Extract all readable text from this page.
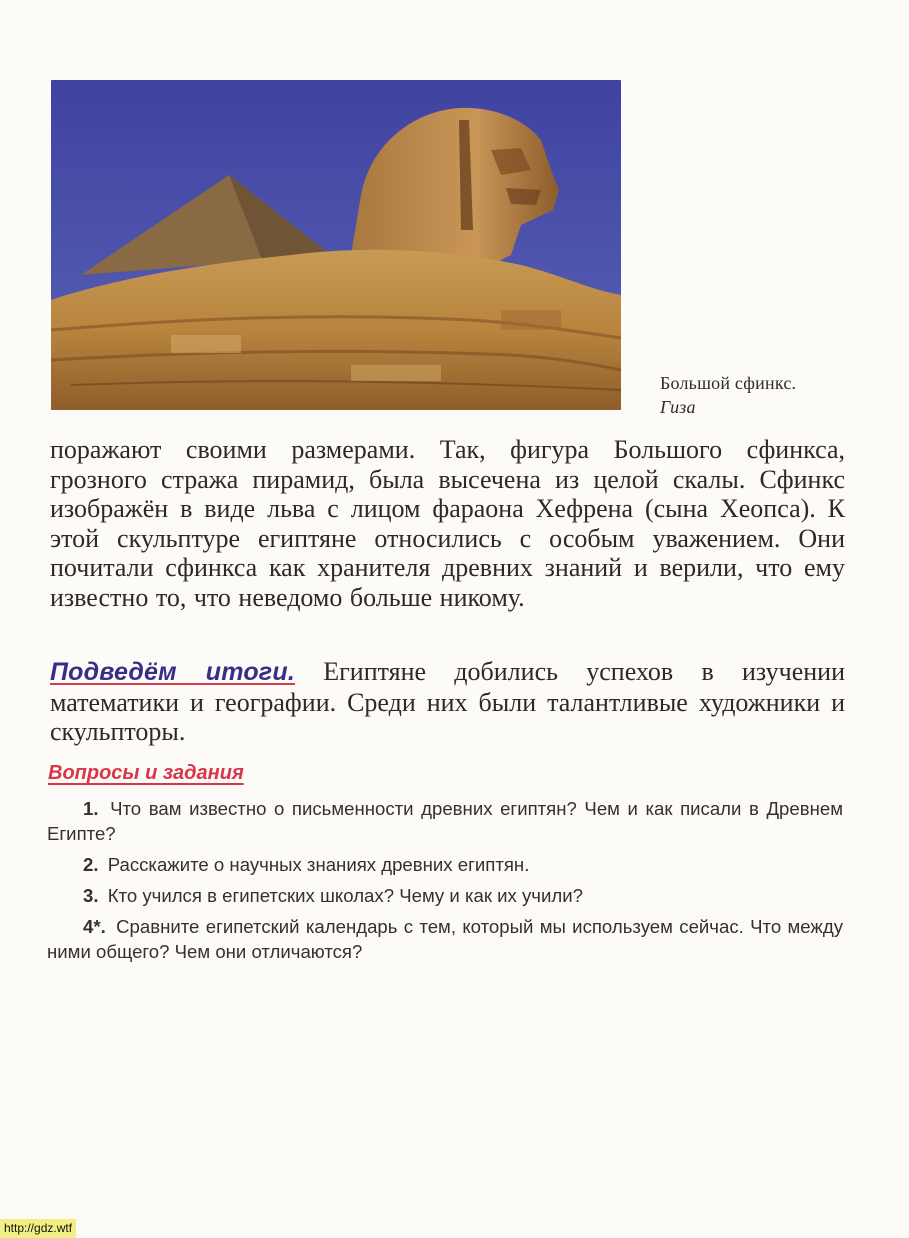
Большой сфинкс.
Гиза
поражают своими размерами. Так, фигура Большого сфинкса, грозного стража пирамид, была высечена из целой скалы. Сфинкс изображён в виде льва с лицом фараона Хефрена (сына Хеопса). К этой скульптуре египтяне относились с особым уважением. Они почитали сфинкса как хранителя древних знаний и верили, что ему известно то, что неведомо больше никому.
Подведём итоги. Египтяне добились успехов в изучении математики и географии. Среди них были талантливые художники и скульпторы.
Вопросы и задания
1. Что вам известно о письменности древних египтян? Чем и как писали в Древнем Египте?
2. Расскажите о научных знаниях древних египтян.
3. Кто учился в египетских школах? Чему и как их учили?
4*. Сравните египетский календарь с тем, который мы используем сейчас. Что между ними общего? Чем они отличаются?
http://gdz.wtf
